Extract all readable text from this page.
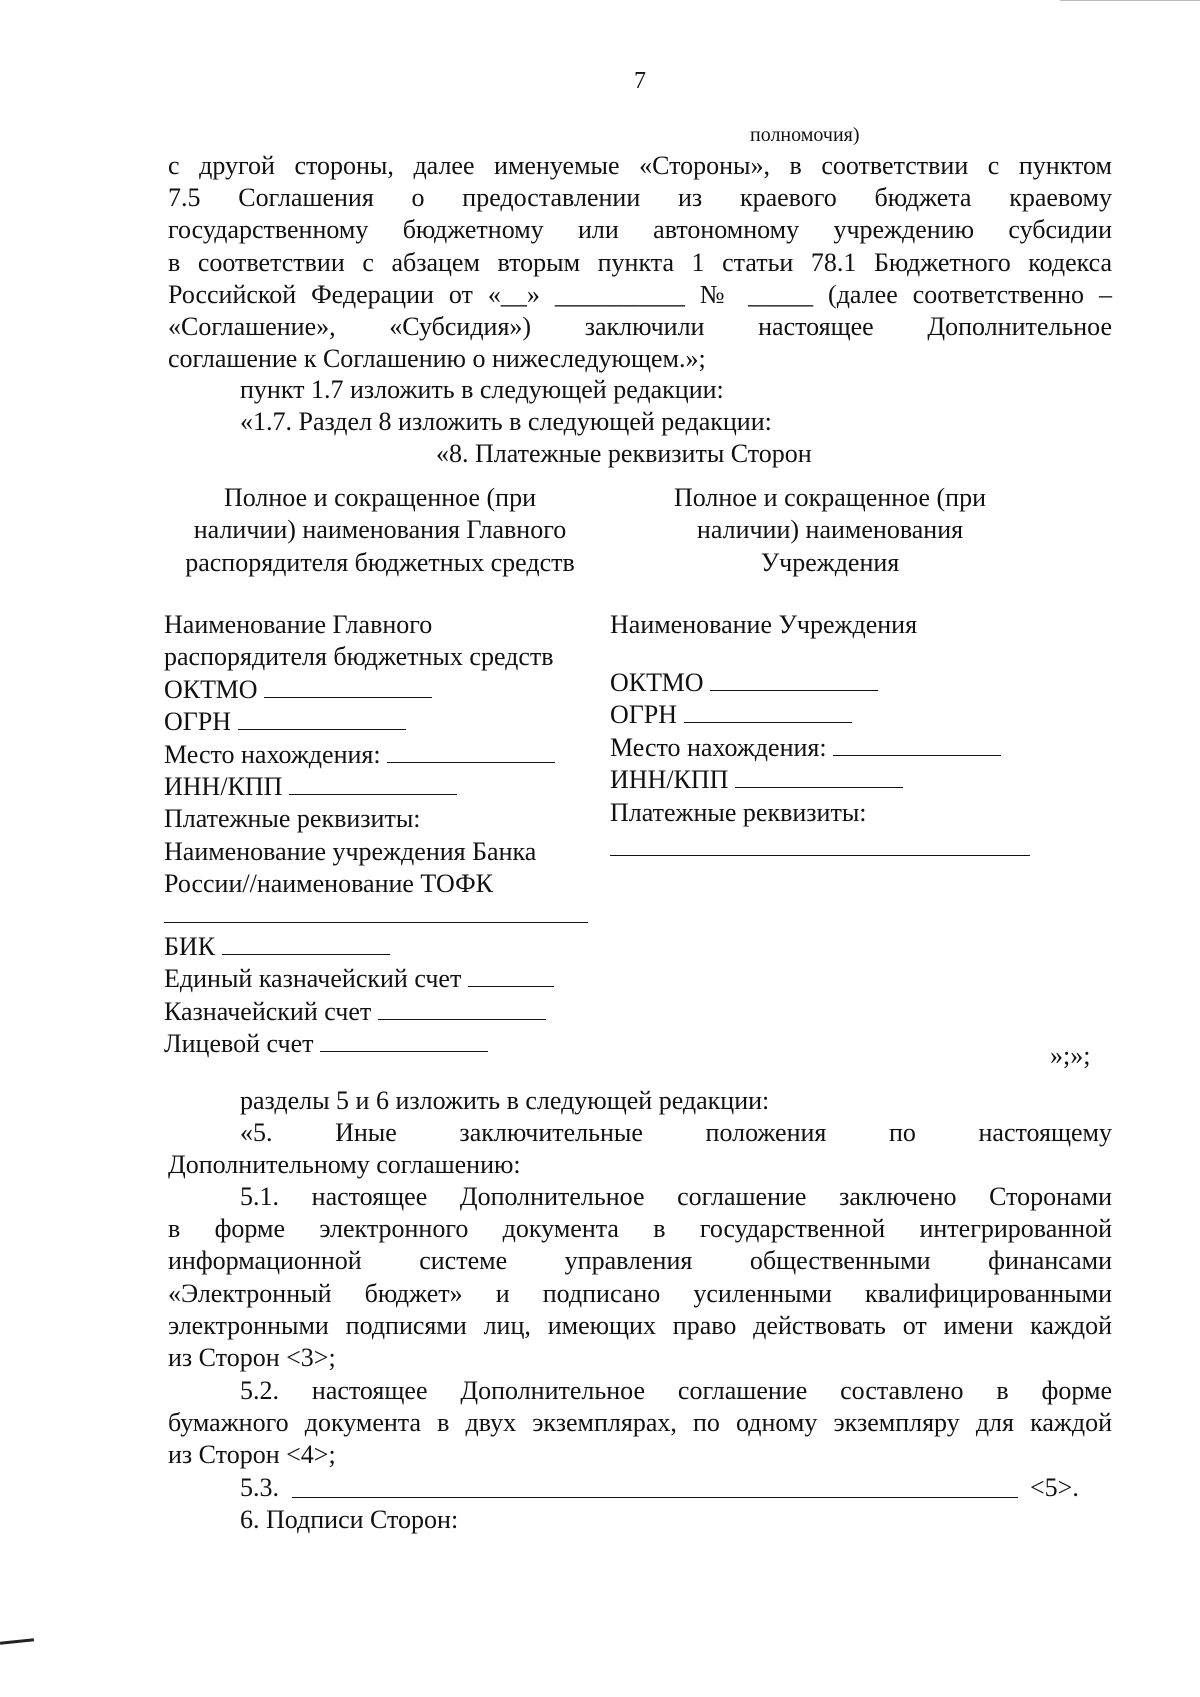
7
полномочия)
с другой стороны, далее именуемые «Стороны», в соответствии с пунктом
7.5 Соглашения о предоставлении из краевого бюджета краевому
государственному бюджетному или автономному учреждению субсидии
в соответствии с абзацем вторым пункта 1 статьи 78.1 Бюджетного кодекса
Российской Федерации от «__» __________ № _____ (далее соответственно –
«Соглашение», «Субсидия») заключили настоящее Дополнительное
соглашение к Соглашению о нижеследующем.»;
пункт 1.7 изложить в следующей редакции:
«1.7. Раздел 8 изложить в следующей редакции:
«8. Платежные реквизиты Сторон
Полное и сокращенное (при
наличии) наименования Главного
распорядителя бюджетных средств
Полное и сокращенное (при
наличии) наименования
Учреждения
Наименование Главного
распорядителя бюджетных средств
ОКТМО
ОГРН
Место нахождения:
ИНН/КПП
Платежные реквизиты:
Наименование учреждения Банка
России//наименование ТОФК
БИК
Единый казначейский счет
Казначейский счет
Лицевой счет
Наименование Учреждения
ОКТМО
ОГРН
Место нахождения:
ИНН/КПП
Платежные реквизиты:
»;»;
разделы 5 и 6 изложить в следующей редакции:
«5. Иные заключительные положения по настоящему
Дополнительному соглашению:
5.1. настоящее Дополнительное соглашение заключено Сторонами
в форме электронного документа в государственной интегрированной
информационной системе управления общественными финансами
«Электронный бюджет» и подписано усиленными квалифицированными
электронными подписями лиц, имеющих право действовать от имени каждой
из Сторон <3>;
5.2. настоящее Дополнительное соглашение составлено в форме
бумажного документа в двух экземплярах, по одному экземпляру для каждой
из Сторон <4>;
5.3.	<5>.
6. Подписи Сторон:
